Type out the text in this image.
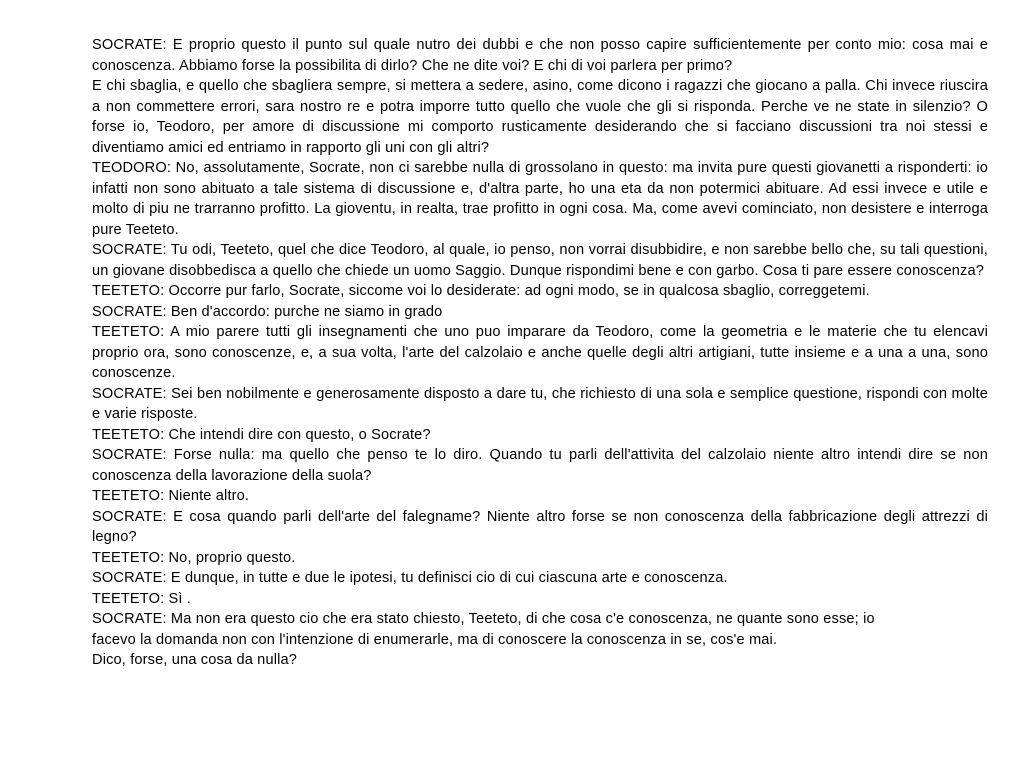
SOCRATE: E proprio questo il punto sul quale nutro dei dubbi e che non posso capire sufficientemente per conto mio: cosa mai e conoscenza. Abbiamo forse la possibilita di dirlo? Che ne dite voi? E chi di voi parlera per primo?

E chi sbaglia, e quello che sbagliera sempre, si mettera a sedere, asino, come dicono i ragazzi che giocano a palla. Chi invece riuscira a non commettere errori, sara nostro re e potra imporre tutto quello che vuole che gli si risponda. Perche ve ne state in silenzio? O forse io, Teodoro, per amore di discussione mi comporto rusticamente desiderando che si facciano discussioni tra noi stessi e diventiamo amici ed entriamo in rapporto gli uni con gli altri?

TEODORO: No, assolutamente, Socrate, non ci sarebbe nulla di grossolano in questo: ma invita pure questi giovanetti a risponderti: io infatti non sono abituato a tale sistema di discussione e, d'altra parte, ho una eta da non potermici abituare. Ad essi invece e utile e molto di piu ne trarranno profitto. La gioventu, in realta, trae profitto in ogni cosa. Ma, come avevi cominciato, non desistere e interroga pure Teeteto.

SOCRATE: Tu odi, Teeteto, quel che dice Teodoro, al quale, io penso, non vorrai disubbidire, e non sarebbe bello che, su tali questioni, un giovane disobbedisca a quello che chiede un uomo Saggio. Dunque rispondimi bene e con garbo. Cosa ti pare essere conoscenza?

TEETETO: Occorre pur farlo, Socrate, siccome voi lo desiderate: ad ogni modo, se in qualcosa sbaglio, correggetemi.

SOCRATE: Ben d'accordo: purche ne siamo in grado

TEETETO: A mio parere tutti gli insegnamenti che uno puo imparare da Teodoro, come la geometria e le materie che tu elencavi proprio ora, sono conoscenze, e, a sua volta, l'arte del calzolaio e anche quelle degli altri artigiani, tutte insieme e a una a una, sono conoscenze.

SOCRATE: Sei ben nobilmente e generosamente disposto a dare tu, che richiesto di una sola e semplice questione, rispondi con molte e varie risposte.

TEETETO: Che intendi dire con questo, o Socrate?

SOCRATE: Forse nulla: ma quello che penso te lo diro. Quando tu parli dell'attivita del calzolaio niente altro intendi dire se non conoscenza della lavorazione della suola?

TEETETO: Niente altro.

SOCRATE: E cosa quando parli dell'arte del falegname? Niente altro forse se non conoscenza della fabbricazione degli attrezzi di legno?

TEETETO: No, proprio questo.

SOCRATE: E dunque, in tutte e due le ipotesi, tu definisci cio di cui ciascuna arte e conoscenza.

TEETETO: Sì .

SOCRATE: Ma non era questo cio che era stato chiesto, Teeteto, di che cosa c'e conoscenza, ne quante sono esse; io

facevo la domanda non con l'intenzione di enumerarle, ma di conoscere la conoscenza in se, cos'e mai.

Dico, forse, una cosa da nulla?
